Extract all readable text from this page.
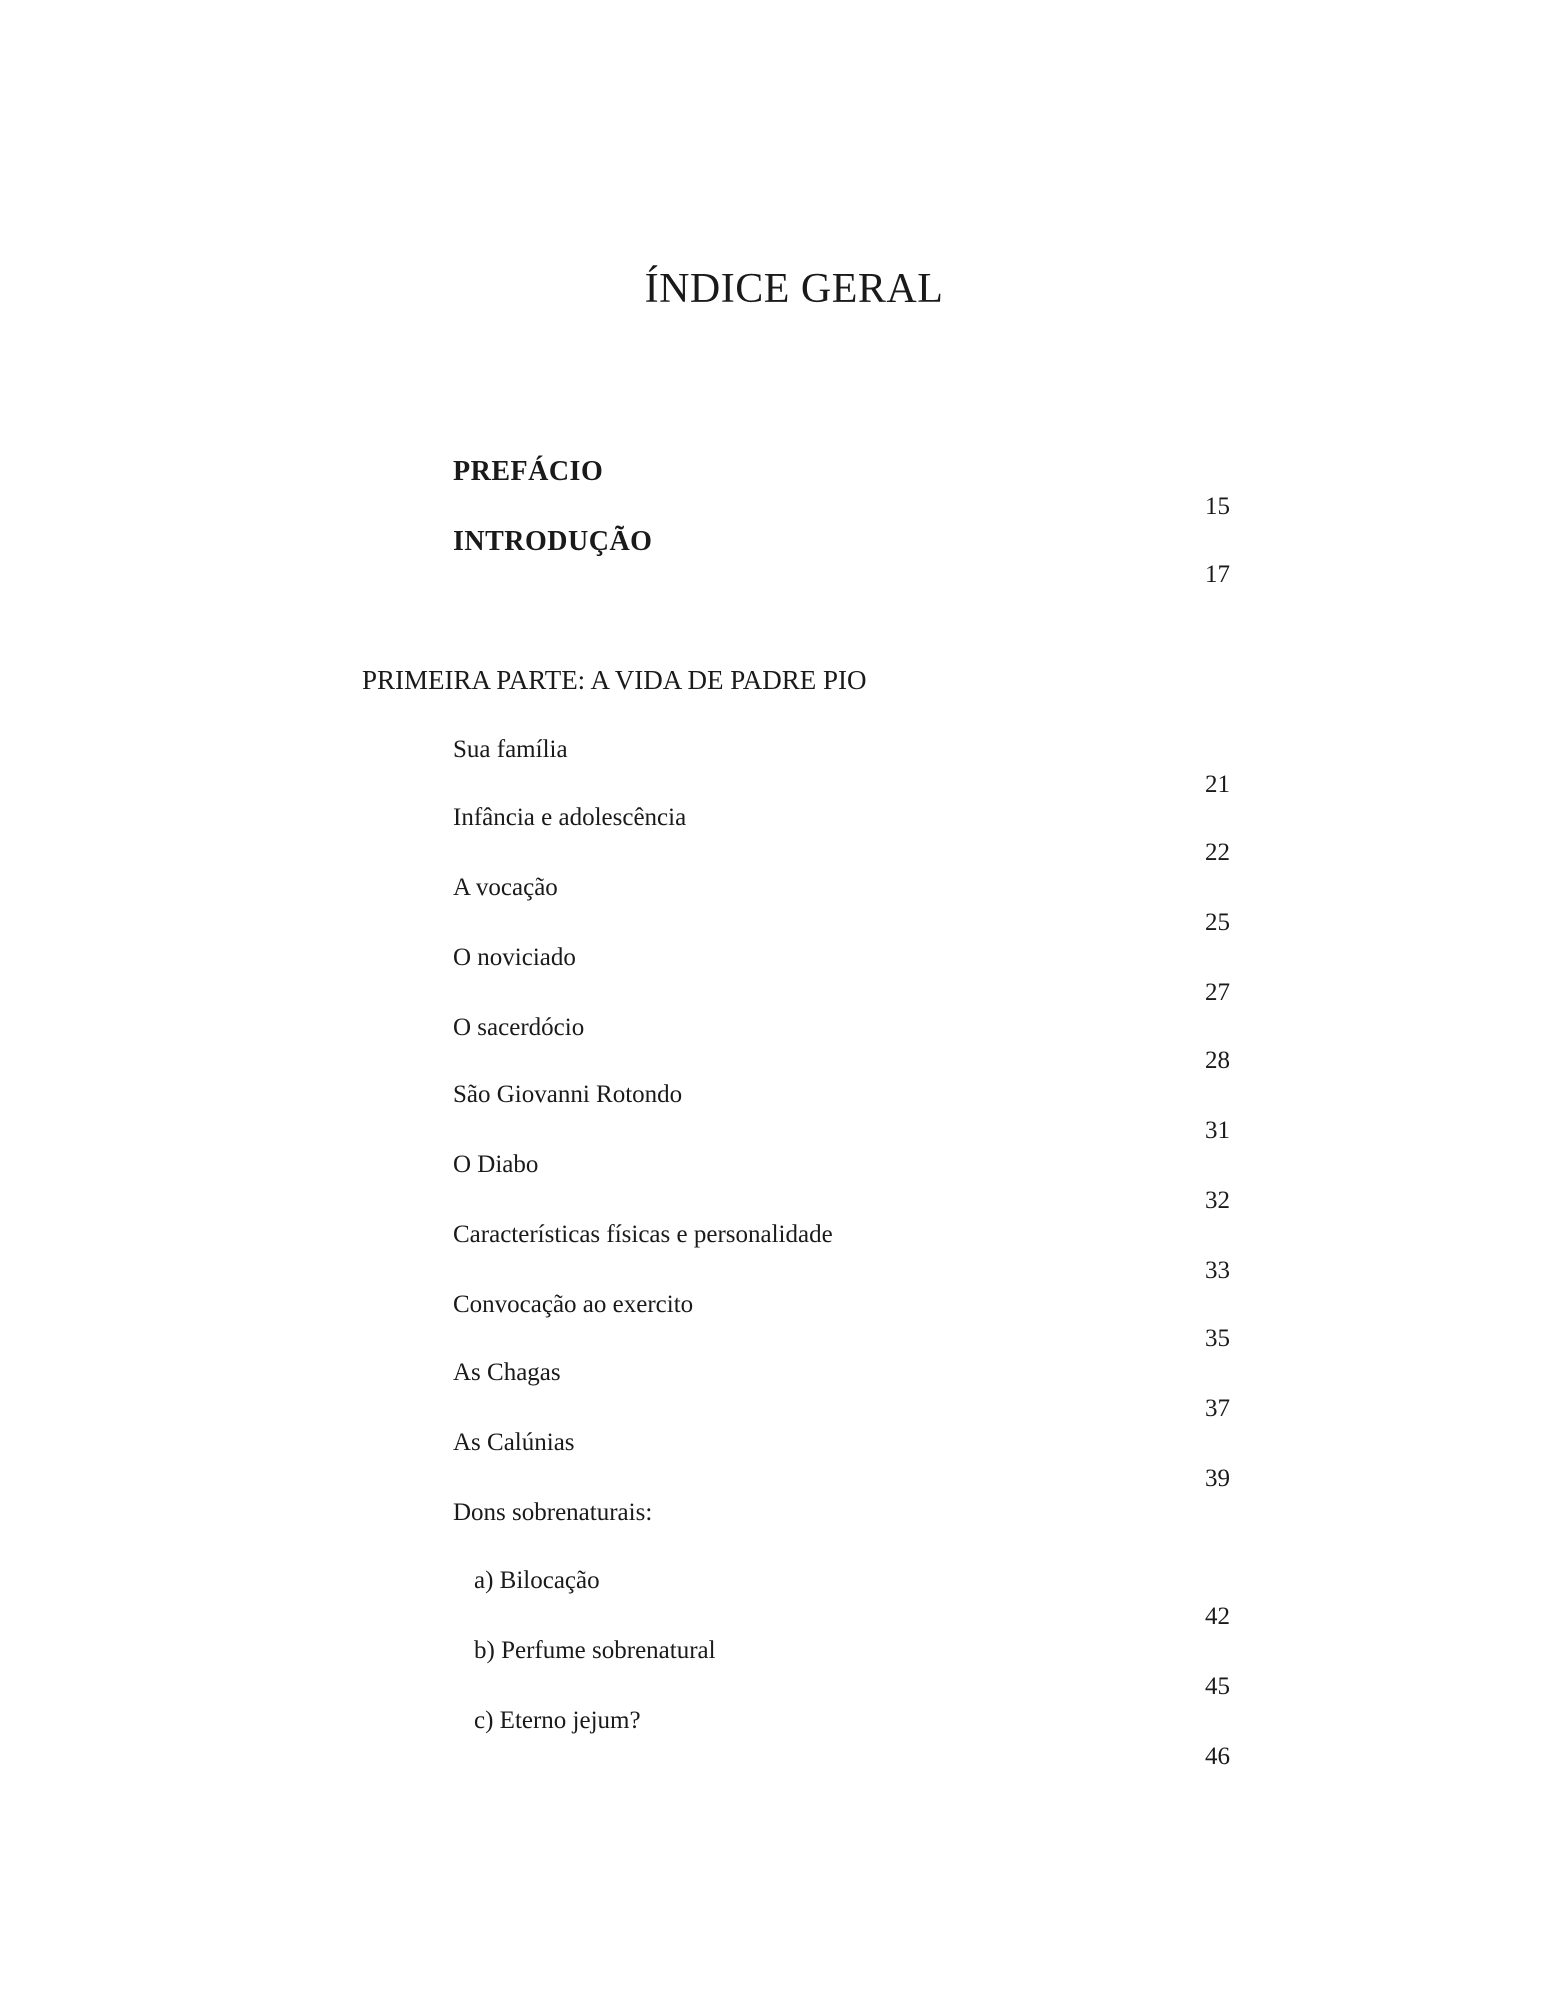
ÍNDICE GERAL
PREFÁCIO
15
INTRODUÇÃO
17
PRIMEIRA PARTE: A VIDA DE PADRE PIO
Sua família
21
Infância e adolescência
22
A vocação
25
O noviciado
27
O sacerdócio
28
São Giovanni Rotondo
31
O Diabo
32
Características físicas e personalidade
33
Convocação ao exercito
35
As Chagas
37
As Calúnias
39
Dons sobrenaturais:
a) Bilocação
42
b) Perfume sobrenatural
45
c) Eterno jejum?
46
